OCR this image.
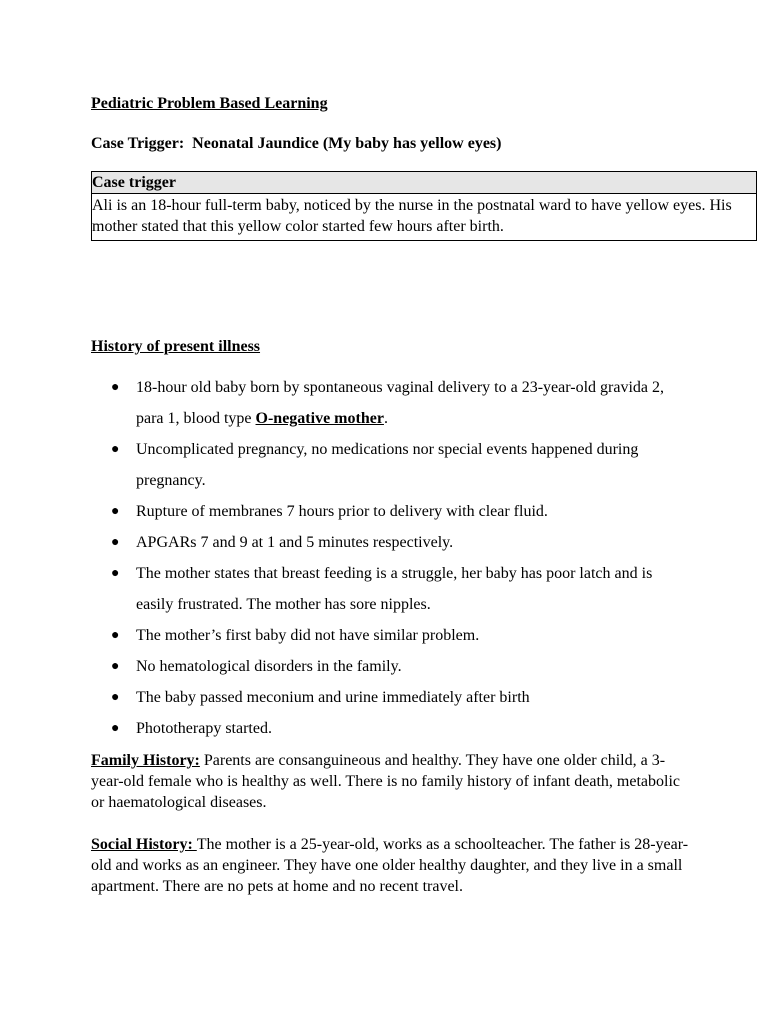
Pediatric Problem Based Learning
Case Trigger:  Neonatal Jaundice (My baby has yellow eyes)
Case trigger
Ali is an 18-hour full-term baby, noticed by the nurse in the postnatal ward to have yellow eyes. His mother stated that this yellow color started few hours after birth.
History of present illness
● 18-hour old baby born by spontaneous vaginal delivery to a 23-year-old gravida 2, para 1, blood type O-negative mother.
● Uncomplicated pregnancy, no medications nor special events happened during pregnancy.
● Rupture of membranes 7 hours prior to delivery with clear fluid.
● APGARs 7 and 9 at 1 and 5 minutes respectively.
● The mother states that breast feeding is a struggle, her baby has poor latch and is easily frustrated. The mother has sore nipples.
● The mother’s first baby did not have similar problem.
● No hematological disorders in the family.
● The baby passed meconium and urine immediately after birth
● Phototherapy started.
Family History: Parents are consanguineous and healthy. They have one older child, a 3-year-old female who is healthy as well. There is no family history of infant death, metabolic or haematological diseases.
Social History: The mother is a 25-year-old, works as a schoolteacher. The father is 28-year-old and works as an engineer. They have one older healthy daughter, and they live in a small apartment. There are no pets at home and no recent travel.
